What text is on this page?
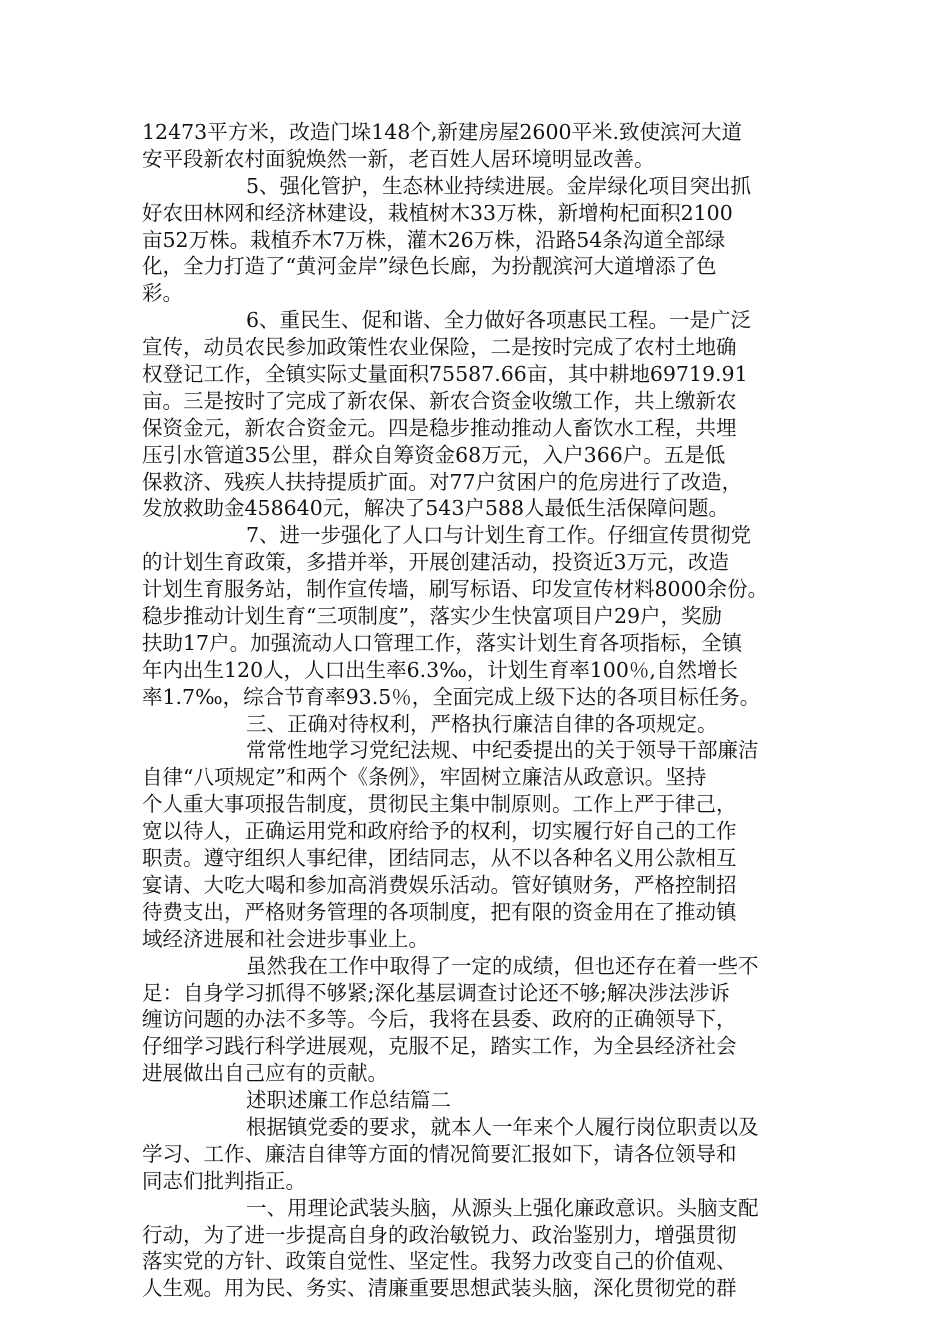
12473平方米，改造门垛148个,新建房屋2600平米.致使滨河大道
安平段新农村面貌焕然一新，老百姓人居环境明显改善。
5、强化管护，生态林业持续进展。金岸绿化项目突出抓
好农田林网和经济林建设，栽植树木33万株，新增枸杞面积2100
亩52万株。栽植乔木7万株，灌木26万株，沿路54条沟道全部绿
化，全力打造了“黄河金岸”绿色长廊，为扮靓滨河大道增添了色
彩。
6、重民生、促和谐、全力做好各项惠民工程。一是广泛
宣传，动员农民参加政策性农业保险，二是按时完成了农村土地确
权登记工作，全镇实际丈量面积75587.66亩，其中耕地69719.91
亩。三是按时了完成了新农保、新农合资金收缴工作，共上缴新农
保资金元，新农合资金元。四是稳步推动推动人畜饮水工程，共埋
压引水管道35公里，群众自筹资金68万元，入户366户。五是低
保救济、残疾人扶持提质扩面。对77户贫困户的危房进行了改造，
发放救助金458640元，解决了543户588人最低生活保障问题。
7、进一步强化了人口与计划生育工作。仔细宣传贯彻党
的计划生育政策，多措并举，开展创建活动，投资近3万元，改造
计划生育服务站，制作宣传墙，刷写标语、印发宣传材料8000余份。
稳步推动计划生育“三项制度”，落实少生快富项目户29户，奖励
扶助17户。加强流动人口管理工作，落实计划生育各项指标，全镇
年内出生120人，人口出生率6.3‰，计划生育率100％,自然增长
率1.7‰，综合节育率93.5％，全面完成上级下达的各项目标任务。
三、正确对待权利，严格执行廉洁自律的各项规定。
常常性地学习党纪法规、中纪委提出的关于领导干部廉洁
自律“八项规定”和两个《条例》，牢固树立廉洁从政意识。坚持
个人重大事项报告制度，贯彻民主集中制原则。工作上严于律己，
宽以待人，正确运用党和政府给予的权利，切实履行好自己的工作
职责。遵守组织人事纪律，团结同志，从不以各种名义用公款相互
宴请、大吃大喝和参加高消费娱乐活动。管好镇财务，严格控制招
待费支出，严格财务管理的各项制度，把有限的资金用在了推动镇
域经济进展和社会进步事业上。
虽然我在工作中取得了一定的成绩，但也还存在着一些不
足：自身学习抓得不够紧;深化基层调查讨论还不够;解决涉法涉诉
缠访问题的办法不多等。今后，我将在县委、政府的正确领导下，
仔细学习践行科学进展观，克服不足，踏实工作，为全县经济社会
进展做出自己应有的贡献。
述职述廉工作总结篇二
根据镇党委的要求，就本人一年来个人履行岗位职责以及
学习、工作、廉洁自律等方面的情况简要汇报如下，请各位领导和
同志们批判指正。
一、用理论武装头脑，从源头上强化廉政意识。头脑支配
行动，为了进一步提高自身的政治敏锐力、政治鉴别力，增强贯彻
落实党的方针、政策自觉性、坚定性。我努力改变自己的价值观、
人生观。用为民、务实、清廉重要思想武装头脑，深化贯彻党的群
